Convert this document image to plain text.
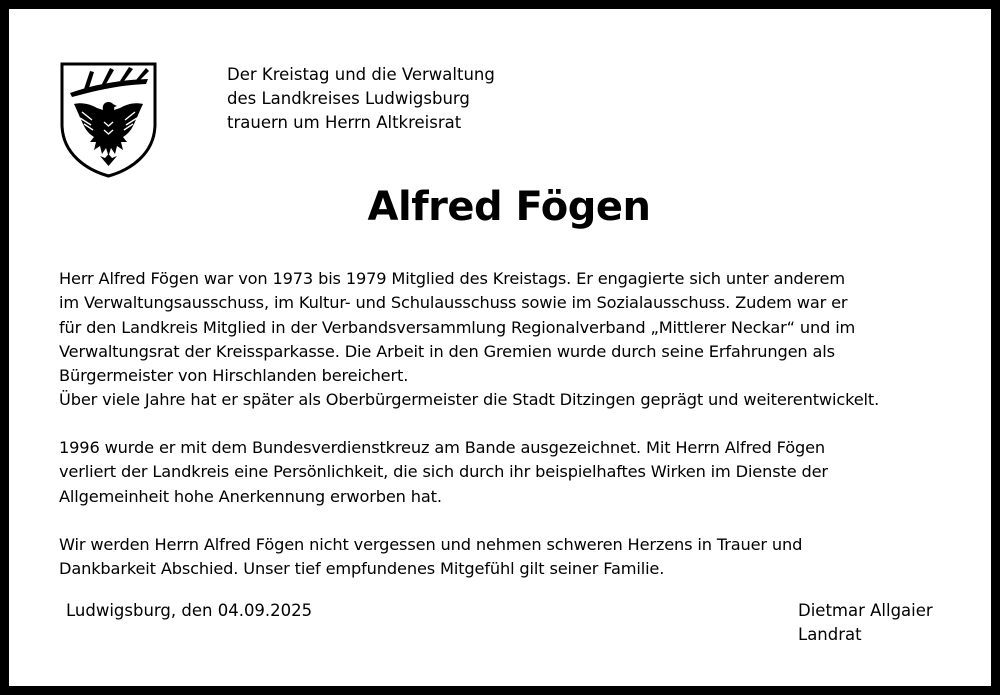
Der Kreistag und die Verwaltung
des Landkreises Ludwigsburg
trauern um Herrn Altkreisrat
Alfred Fögen
Herr Alfred Fögen war von 1973 bis 1979 Mitglied des Kreistags. Er engagierte sich unter anderem
im Verwaltungsausschuss, im Kultur- und Schulausschuss sowie im Sozialausschuss. Zudem war er
für den Landkreis Mitglied in der Verbandsversammlung Regionalverband „Mittlerer Neckar“ und im
Verwaltungsrat der Kreissparkasse. Die Arbeit in den Gremien wurde durch seine Erfahrungen als
Bürgermeister von Hirschlanden bereichert.
Über viele Jahre hat er später als Oberbürgermeister die Stadt Ditzingen geprägt und weiterentwickelt.
1996 wurde er mit dem Bundesverdienstkreuz am Bande ausgezeichnet. Mit Herrn Alfred Fögen
verliert der Landkreis eine Persönlichkeit, die sich durch ihr beispielhaftes Wirken im Dienste der
Allgemeinheit hohe Anerkennung erworben hat.
Wir werden Herrn Alfred Fögen nicht vergessen und nehmen schweren Herzens in Trauer und
Dankbarkeit Abschied. Unser tief empfundenes Mitgefühl gilt seiner Familie.
Ludwigsburg, den 04.09.2025	Dietmar Allgaier
Landrat
